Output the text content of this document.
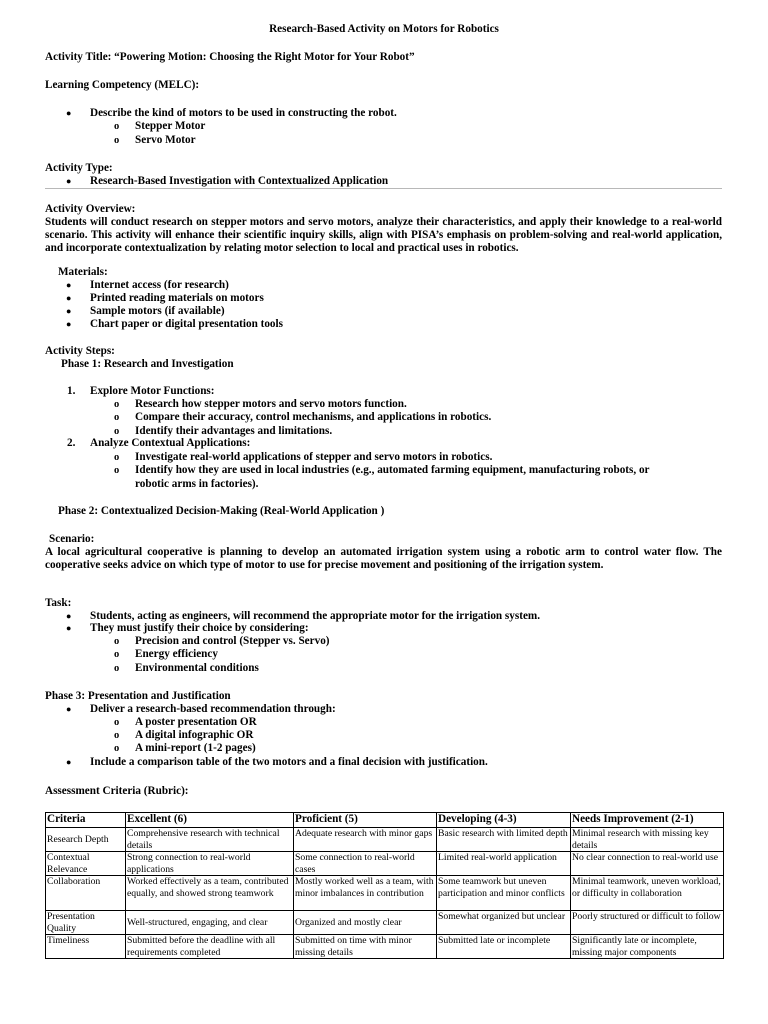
Research-Based Activity on Motors for Robotics
Activity Title: “Powering Motion: Choosing the Right Motor for Your Robot”
Learning Competency (MELC):
● Describe the kind of motors to be used in constructing the robot.
o Stepper Motor
o Servo Motor
Activity Type:
● Research-Based Investigation with Contextualized Application
Activity Overview:
Students will conduct research on stepper motors and servo motors, analyze their characteristics, and apply their knowledge to a real-world scenario. This activity will enhance their scientific inquiry skills, align with PISA’s emphasis on problem-solving and real-world application, and incorporate contextualization by relating motor selection to local and practical uses in robotics.
Materials:
● Internet access (for research)
● Printed reading materials on motors
● Sample motors (if available)
● Chart paper or digital presentation tools
Activity Steps:
Phase 1: Research and Investigation
1. Explore Motor Functions:
o Research how stepper motors and servo motors function.
o Compare their accuracy, control mechanisms, and applications in robotics.
o Identify their advantages and limitations.
2. Analyze Contextual Applications:
o Investigate real-world applications of stepper and servo motors in robotics.
o Identify how they are used in local industries (e.g., automated farming equipment, manufacturing robots, or
robotic arms in factories).
Phase 2: Contextualized Decision-Making (Real-World Application )
Scenario:
A local agricultural cooperative is planning to develop an automated irrigation system using a robotic arm to control water flow. The cooperative seeks advice on which type of motor to use for precise movement and positioning of the irrigation system.
Task:
● Students, acting as engineers, will recommend the appropriate motor for the irrigation system.
● They must justify their choice by considering:
o Precision and control (Stepper vs. Servo)
o Energy efficiency
o Environmental conditions
Phase 3: Presentation and Justification
● Deliver a research-based recommendation through:
o A poster presentation OR
o A digital infographic OR
o A mini-report (1-2 pages)
● Include a comparison table of the two motors and a final decision with justification.
Assessment Criteria (Rubric):
Criteria	Excellent (6)	Proficient (5)	Developing (4-3)	Needs Improvement (2-1)
Research Depth	Comprehensive research with technical details	Adequate research with minor gaps	Basic research with limited depth	Minimal research with missing key details
Contextual Relevance	Strong connection to real-world applications	Some connection to real-world cases	Limited real-world application	No clear connection to real-world use
Collaboration	Worked effectively as a team, contributed equally, and showed strong teamwork	Mostly worked well as a team, with minor imbalances in contribution	Some teamwork but uneven participation and minor conflicts	Minimal teamwork, uneven workload, or difficulty in collaboration
Presentation Quality	Well-structured, engaging, and clear	Organized and mostly clear	Somewhat organized but unclear	Poorly structured or difficult to follow
Timeliness	Submitted before the deadline with all requirements completed	Submitted on time with minor missing details	Submitted late or incomplete	Significantly late or incomplete, missing major components
